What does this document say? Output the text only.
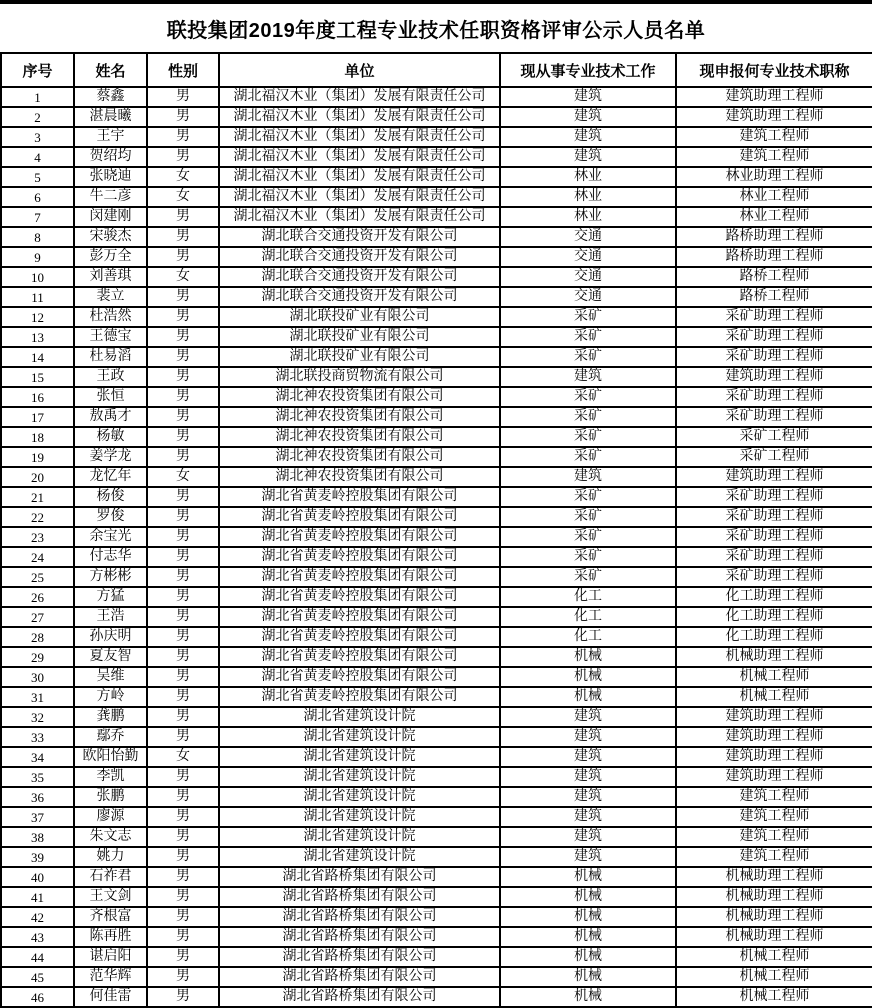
联投集团2019年度工程专业技术任职资格评审公示人员名单
序号	姓名	性别	单位	现从事专业技术工作	现申报何专业技术职称
1	蔡鑫	男	湖北福汉木业（集团）发展有限责任公司	建筑	建筑助理工程师
2	湛晨曦	男	湖北福汉木业（集团）发展有限责任公司	建筑	建筑助理工程师
3	王宇	男	湖北福汉木业（集团）发展有限责任公司	建筑	建筑工程师
4	贺绍均	男	湖北福汉木业（集团）发展有限责任公司	建筑	建筑工程师
5	张晓迪	女	湖北福汉木业（集团）发展有限责任公司	林业	林业助理工程师
6	牛二彦	女	湖北福汉木业（集团）发展有限责任公司	林业	林业工程师
7	闵建刚	男	湖北福汉木业（集团）发展有限责任公司	林业	林业工程师
8	宋骏杰	男	湖北联合交通投资开发有限公司	交通	路桥助理工程师
9	彭万全	男	湖北联合交通投资开发有限公司	交通	路桥助理工程师
10	刘善琪	女	湖北联合交通投资开发有限公司	交通	路桥工程师
11	裴立	男	湖北联合交通投资开发有限公司	交通	路桥工程师
12	杜浩然	男	湖北联投矿业有限公司	采矿	采矿助理工程师
13	王德宝	男	湖北联投矿业有限公司	采矿	采矿助理工程师
14	杜易滔	男	湖北联投矿业有限公司	采矿	采矿助理工程师
15	王政	男	湖北联投商贸物流有限公司	建筑	建筑助理工程师
16	张恒	男	湖北神农投资集团有限公司	采矿	采矿助理工程师
17	敖禹才	男	湖北神农投资集团有限公司	采矿	采矿助理工程师
18	杨敏	男	湖北神农投资集团有限公司	采矿	采矿工程师
19	姜学龙	男	湖北神农投资集团有限公司	采矿	采矿工程师
20	龙忆年	女	湖北神农投资集团有限公司	建筑	建筑助理工程师
21	杨俊	男	湖北省黄麦岭控股集团有限公司	采矿	采矿助理工程师
22	罗俊	男	湖北省黄麦岭控股集团有限公司	采矿	采矿助理工程师
23	余宝光	男	湖北省黄麦岭控股集团有限公司	采矿	采矿助理工程师
24	付志华	男	湖北省黄麦岭控股集团有限公司	采矿	采矿助理工程师
25	方彬彬	男	湖北省黄麦岭控股集团有限公司	采矿	采矿助理工程师
26	方猛	男	湖北省黄麦岭控股集团有限公司	化工	化工助理工程师
27	王浩	男	湖北省黄麦岭控股集团有限公司	化工	化工助理工程师
28	孙庆明	男	湖北省黄麦岭控股集团有限公司	化工	化工助理工程师
29	夏友智	男	湖北省黄麦岭控股集团有限公司	机械	机械助理工程师
30	吴维	男	湖北省黄麦岭控股集团有限公司	机械	机械工程师
31	方岭	男	湖北省黄麦岭控股集团有限公司	机械	机械工程师
32	龚鹏	男	湖北省建筑设计院	建筑	建筑助理工程师
33	鄢乔	男	湖北省建筑设计院	建筑	建筑助理工程师
34	欧阳怡勤	女	湖北省建筑设计院	建筑	建筑助理工程师
35	李凯	男	湖北省建筑设计院	建筑	建筑助理工程师
36	张鹏	男	湖北省建筑设计院	建筑	建筑工程师
37	廖源	男	湖北省建筑设计院	建筑	建筑工程师
38	朱文志	男	湖北省建筑设计院	建筑	建筑工程师
39	姚力	男	湖北省建筑设计院	建筑	建筑工程师
40	石祚君	男	湖北省路桥集团有限公司	机械	机械助理工程师
41	王文剑	男	湖北省路桥集团有限公司	机械	机械助理工程师
42	齐根富	男	湖北省路桥集团有限公司	机械	机械助理工程师
43	陈再胜	男	湖北省路桥集团有限公司	机械	机械助理工程师
44	谌启阳	男	湖北省路桥集团有限公司	机械	机械工程师
45	范华辉	男	湖北省路桥集团有限公司	机械	机械工程师
46	何佳雷	男	湖北省路桥集团有限公司	机械	机械工程师
